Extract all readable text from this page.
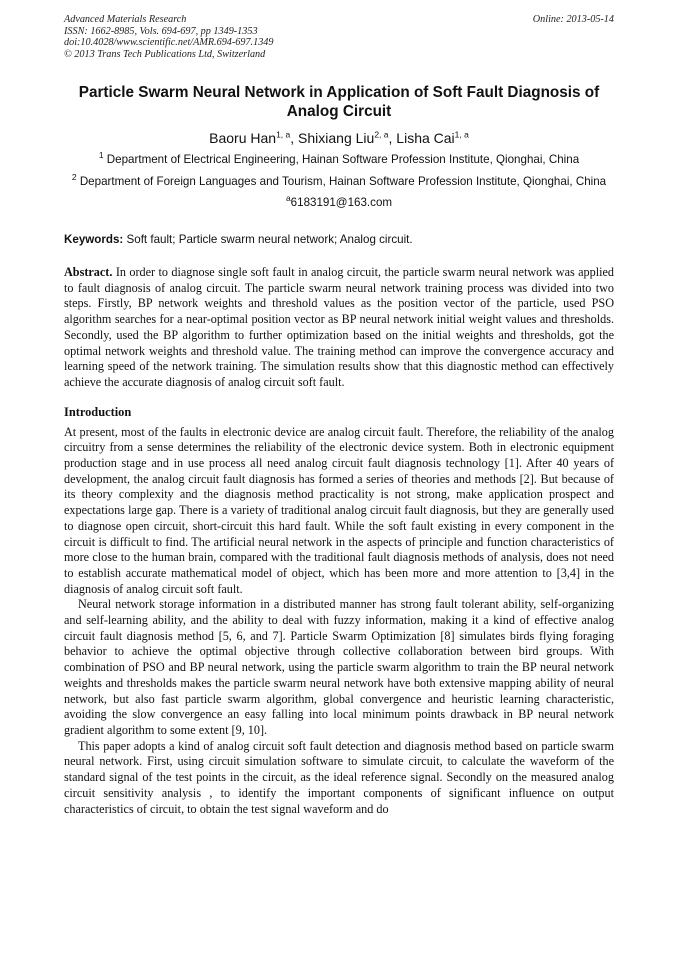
Advanced Materials Research
ISSN: 1662-8985, Vols. 694-697, pp 1349-1353
doi:10.4028/www.scientific.net/AMR.694-697.1349
© 2013 Trans Tech Publications Ltd, Switzerland
Online: 2013-05-14
Particle Swarm Neural Network in Application of Soft Fault Diagnosis of Analog Circuit
Baoru Han$^{1, a}$, Shixiang Liu$^{2, a}$, Lisha Cai$^{1, a}$
$^1$ Department of Electrical Engineering, Hainan Software Profession Institute, Qionghai, China
$^2$ Department of Foreign Languages and Tourism, Hainan Software Profession Institute, Qionghai, China
$^a$6183191@163.com
Keywords: Soft fault; Particle swarm neural network; Analog circuit.
Abstract. In order to diagnose single soft fault in analog circuit, the particle swarm neural network was applied to fault diagnosis of analog circuit. The particle swarm neural network training process was divided into two steps. Firstly, BP network weights and threshold values as the position vector of the particle, used PSO algorithm searches for a near-optimal position vector as BP neural network initial weight values and thresholds. Secondly, used the BP algorithm to further optimization based on the initial weights and thresholds, got the optimal network weights and threshold value. The training method can improve the convergence accuracy and learning speed of the network training. The simulation results show that this diagnostic method can effectively achieve the accurate diagnosis of analog circuit soft fault.
Introduction

At present, most of the faults in electronic device are analog circuit fault. Therefore, the reliability of the analog circuitry from a sense determines the reliability of the electronic device system. Both in electronic equipment production stage and in use process all need analog circuit fault diagnosis technology [1]. After 40 years of development, the analog circuit fault diagnosis has formed a series of theories and methods [2]. But because of its theory complexity and the diagnosis method practicality is not strong, make application prospect and expectations large gap. There is a variety of traditional analog circuit fault diagnosis, but they are generally used to diagnose open circuit, short-circuit this hard fault. While the soft fault existing in every component in the circuit is difficult to find. The artificial neural network in the aspects of principle and function characteristics of more close to the human brain, compared with the traditional fault diagnosis methods of analysis, does not need to establish accurate mathematical model of object, which has been more and more attention to [3,4] in the diagnosis of analog circuit soft fault.

Neural network storage information in a distributed manner has strong fault tolerant ability, self-organizing and self-learning ability, and the ability to deal with fuzzy information, making it a kind of effective analog circuit fault diagnosis method [5, 6, and 7]. Particle Swarm Optimization [8] simulates birds flying foraging behavior to achieve the optimal objective through collective collaboration between bird groups. With combination of PSO and BP neural network, using the particle swarm algorithm to train the BP neural network weights and thresholds makes the particle swarm neural network have both extensive mapping ability of neural network, but also fast particle swarm algorithm, global convergence and heuristic learning characteristic, avoiding the slow convergence an easy falling into local minimum points drawback in BP neural network gradient algorithm to some extent [9, 10].

This paper adopts a kind of analog circuit soft fault detection and diagnosis method based on particle swarm neural network. First, using circuit simulation software to simulate circuit, to calculate the waveform of the standard signal of the test points in the circuit, as the ideal reference signal. Secondly on the measured analog circuit sensitivity analysis , to identify the important components of significant influence on output characteristics of circuit, to obtain the test signal waveform and do
